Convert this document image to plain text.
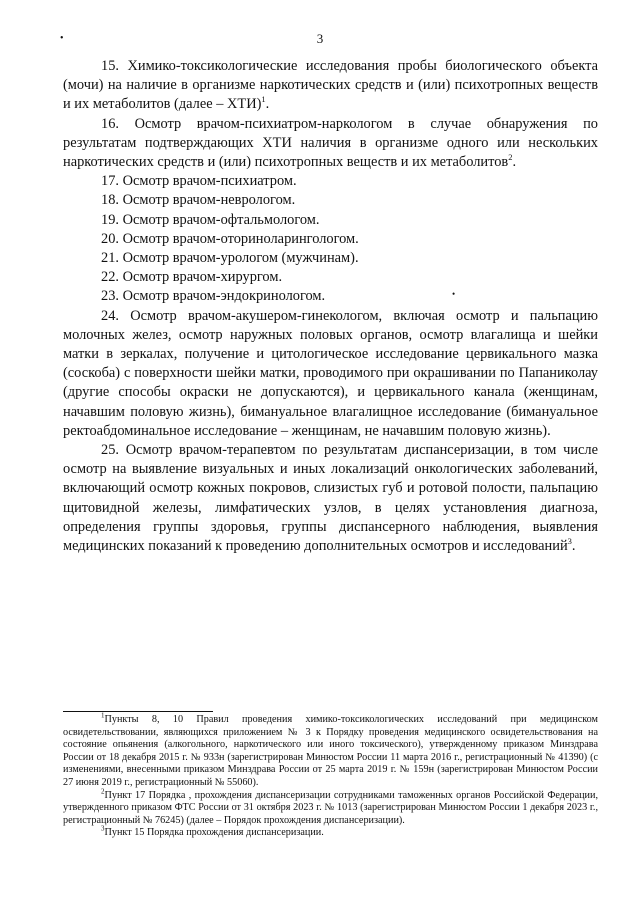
3
•
•

15. Химико-токсикологические исследования пробы биологического объекта (мочи) на наличие в организме наркотических средств и (или) психотропных веществ и их метаболитов (далее – ХТИ)$^1$.

16. Осмотр врачом-психиатром-наркологом в случае обнаружения по результатам подтверждающих ХТИ наличия в организме одного или нескольких наркотических средств и (или) психотропных веществ и их метаболитов$^2$.

17. Осмотр врачом-психиатром.

18. Осмотр врачом-неврологом.

19. Осмотр врачом-офтальмологом.

20. Осмотр врачом-оториноларингологом.

21. Осмотр врачом-урологом (мужчинам).

22. Осмотр врачом-хирургом.

23. Осмотр врачом-эндокринологом.

24. Осмотр врачом-акушером-гинекологом, включая осмотр и пальпацию молочных желез, осмотр наружных половых органов, осмотр влагалища и шейки матки в зеркалах, получение и цитологическое исследование цервикального мазка (соскоба) с поверхности шейки матки, проводимого при окрашивании по Папаниколау (другие способы окраски не допускаются), и цервикального канала (женщинам, начавшим половую жизнь), бимануальное влагалищное исследование (бимануальное ректоабдоминальное исследование – женщинам, не начавшим половую жизнь).

25. Осмотр врачом-терапевтом по результатам диспансеризации, в том числе осмотр на выявление визуальных и иных локализаций онкологических заболеваний, включающий осмотр кожных покровов, слизистых губ и ротовой полости, пальпацию щитовидной железы, лимфатических узлов, в целях установления диагноза, определения группы здоровья, группы диспансерного наблюдения, выявления медицинских показаний к проведению дополнительных осмотров и исследований$^3$.

$^1$Пункты 8, 10 Правил проведения химико-токсикологических исследований при медицинском освидетельствовании, являющихся приложением № 3 к Порядку проведения медицинского освидетельствования на состояние опьянения (алкогольного, наркотического или иного токсического), утвержденному приказом Минздрава России от 18 декабря 2015 г. № 933н (зарегистрирован Минюстом России 11 марта 2016 г., регистрационный № 41390) (с изменениями, внесенными приказом Минздрава России от 25 марта 2019 г. № 159н (зарегистрирован Минюстом России 27 июня 2019 г., регистрационный № 55060).

$^2$Пункт 17 Порядка , прохождения диспансеризации сотрудниками таможенных органов Российской Федерации, утвержденного приказом ФТС России от 31 октября 2023 г. № 1013 (зарегистрирован Минюстом России 1 декабря 2023 г., регистрационный № 76245) (далее – Порядок прохождения диспансеризации).

$^3$Пункт 15 Порядка прохождения диспансеризации.
